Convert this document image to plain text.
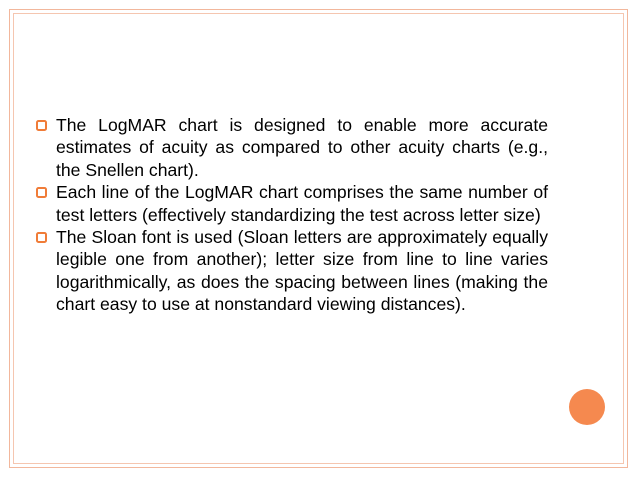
The LogMAR chart is designed to enable more accurate estimates of acuity as compared to other acuity charts (e.g., the Snellen chart).

Each line of the LogMAR chart comprises the same number of test letters (effectively standardizing the test across letter size)

The Sloan font is used (Sloan letters are approximately equally legible one from another); letter size from line to line varies logarithmically, as does the spacing between lines (making the chart easy to use at nonstandard viewing distances).
